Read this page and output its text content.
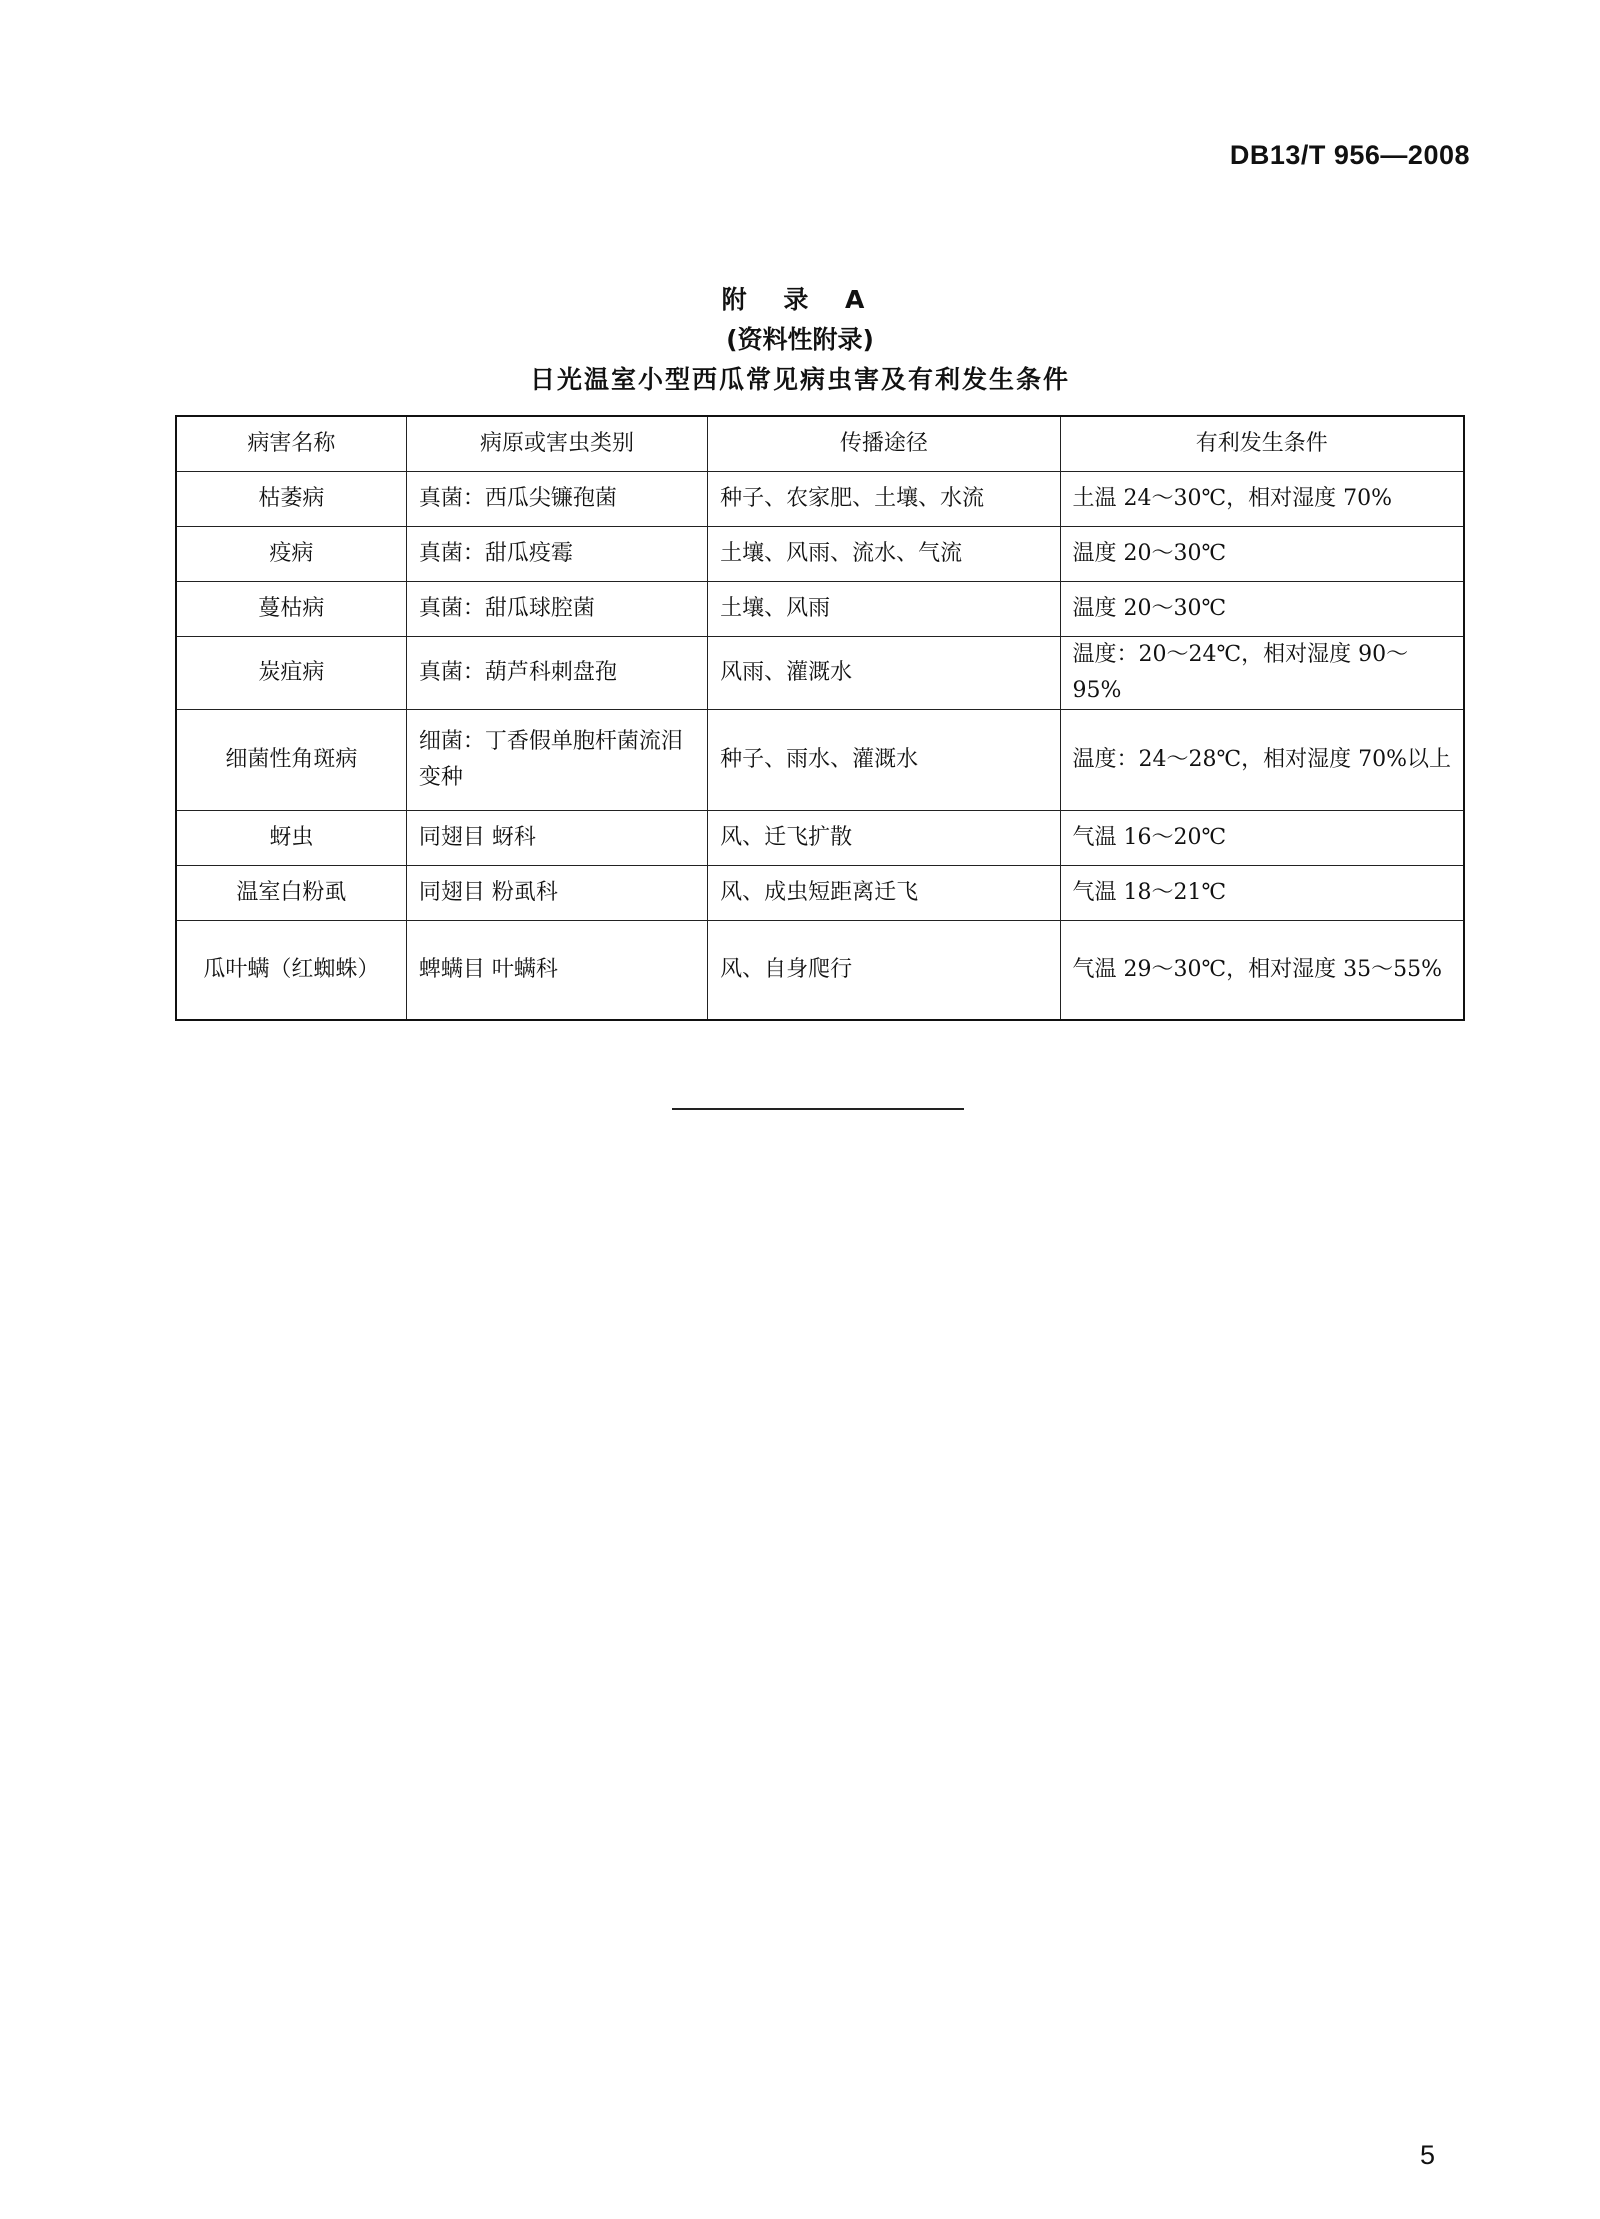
DB13/T 956—2008
附 录 A
(资料性附录)
日光温室小型西瓜常见病虫害及有利发生条件
病害名称	病原或害虫类别	传播途径	有利发生条件
枯萎病	真菌：西瓜尖镰孢菌	种子、农家肥、土壤、水流	土温 24～30℃，相对湿度 70%
疫病	真菌：甜瓜疫霉	土壤、风雨、流水、气流	温度 20～30℃
蔓枯病	真菌：甜瓜球腔菌	土壤、风雨	温度 20～30℃
炭疽病	真菌：葫芦科刺盘孢	风雨、灌溉水	温度：20～24℃，相对湿度 90～95%
细菌性角斑病	细菌：丁香假单胞杆菌流泪变种	种子、雨水、灌溉水	温度：24～28℃，相对湿度 70%以上
蚜虫	同翅目 蚜科	风、迁飞扩散	气温 16～20℃
温室白粉虱	同翅目 粉虱科	风、成虫短距离迁飞	气温 18～21℃
瓜叶螨（红蜘蛛）	蜱螨目 叶螨科	风、自身爬行	气温 29～30℃，相对湿度 35～55%
5
